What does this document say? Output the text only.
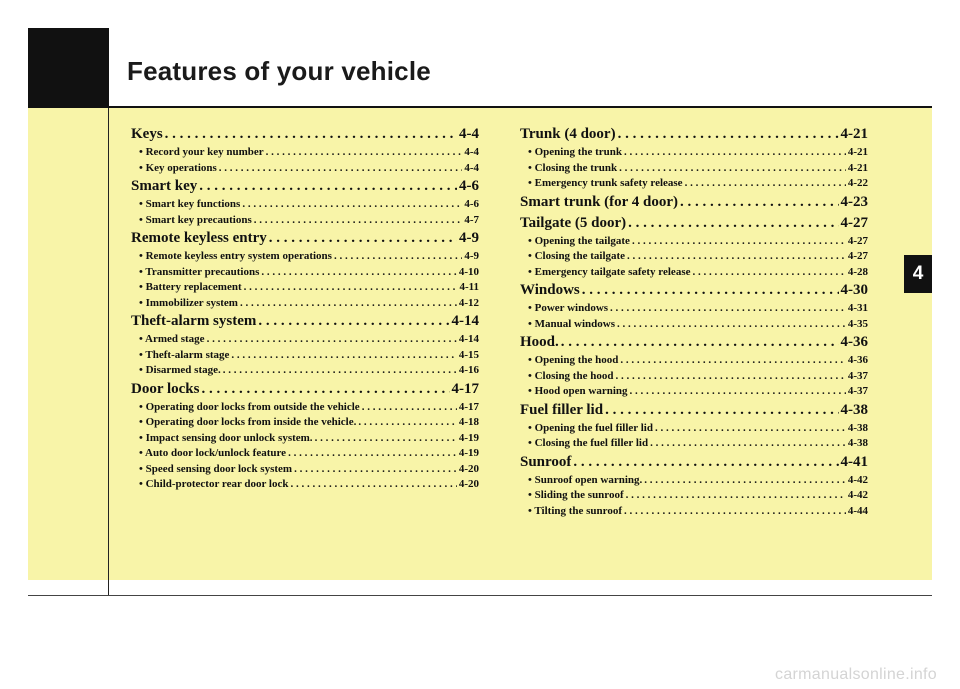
Features of your vehicle
4
Keys . . .	4-4
• Record your key number . . .	4-4
• Key operations . . .	4-4
Smart key . . .	4-6
• Smart key functions . . .	4-6
• Smart key precautions . . .	4-7
Remote keyless entry . . .	4-9
• Remote keyless entry system operations . . .	4-9
• Transmitter precautions . . .	4-10
• Battery replacement . . .	4-11
• Immobilizer system . . .	4-12
Theft-alarm system . . .	4-14
• Armed stage . . .	4-14
• Theft-alarm stage . . .	4-15
• Disarmed stage. . . .	4-16
Door locks . . .	4-17
• Operating door locks from outside the vehicle . . .	4-17
• Operating door locks from inside the vehicle. . . .	4-18
• Impact sensing door unlock system. . . .	4-19
• Auto door lock/unlock feature . . .	4-19
• Speed sensing door lock system . . .	4-20
• Child-protector rear door lock . . .	4-20
Trunk (4 door) . . .	4-21
• Opening the trunk . . .	4-21
• Closing the trunk . . .	4-21
• Emergency trunk safety release . . .	4-22
Smart trunk (for 4 door) . . .	4-23
Tailgate (5 door) . . .	4-27
• Opening the tailgate . . .	4-27
• Closing the tailgate . . .	4-27
• Emergency tailgate safety release . . .	4-28
Windows . . .	4-30
• Power windows . . .	4-31
• Manual windows . . .	4-35
Hood. . . .	4-36
• Opening the hood . . .	4-36
• Closing the hood . . .	4-37
• Hood open warning . . .	4-37
Fuel filler lid . . .	4-38
• Opening the fuel filler lid . . .	4-38
• Closing the fuel filler lid . . .	4-38
Sunroof . . .	4-41
• Sunroof open warning. . . .	4-42
• Sliding the sunroof . . .	4-42
• Tilting the sunroof . . .	4-44
carmanualsonline.info
